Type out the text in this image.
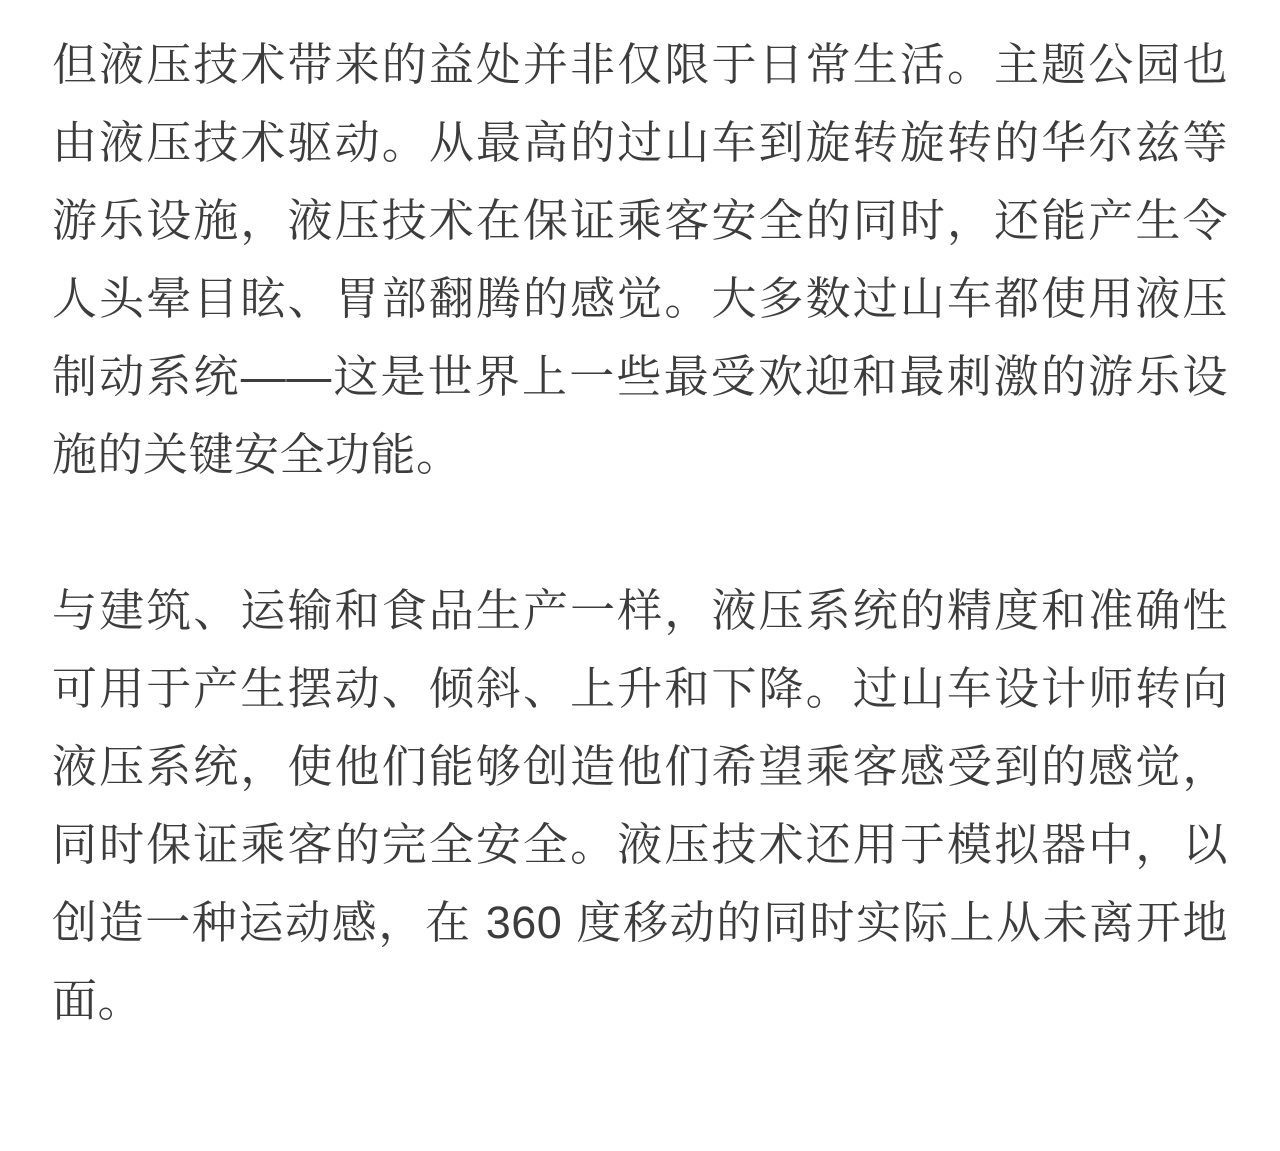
但液压技术带来的益处并非仅限于日常生活。主题公园也由液压技术驱动。从最高的过山车到旋转旋转的华尔兹等游乐设施，液压技术在保证乘客安全的同时，还能产生令人头晕目眩、胃部翻腾的感觉。大多数过山车都使用液压制动系统——这是世界上一些最受欢迎和最刺激的游乐设施的关键安全功能。

与建筑、运输和食品生产一样，液压系统的精度和准确性可用于产生摆动、倾斜、上升和下降。过山车设计师转向液压系统，使他们能够创造他们希望乘客感受到的感觉，同时保证乘客的完全安全。液压技术还用于模拟器中，以创造一种运动感，在 360 度移动的同时实际上从未离开地面。
